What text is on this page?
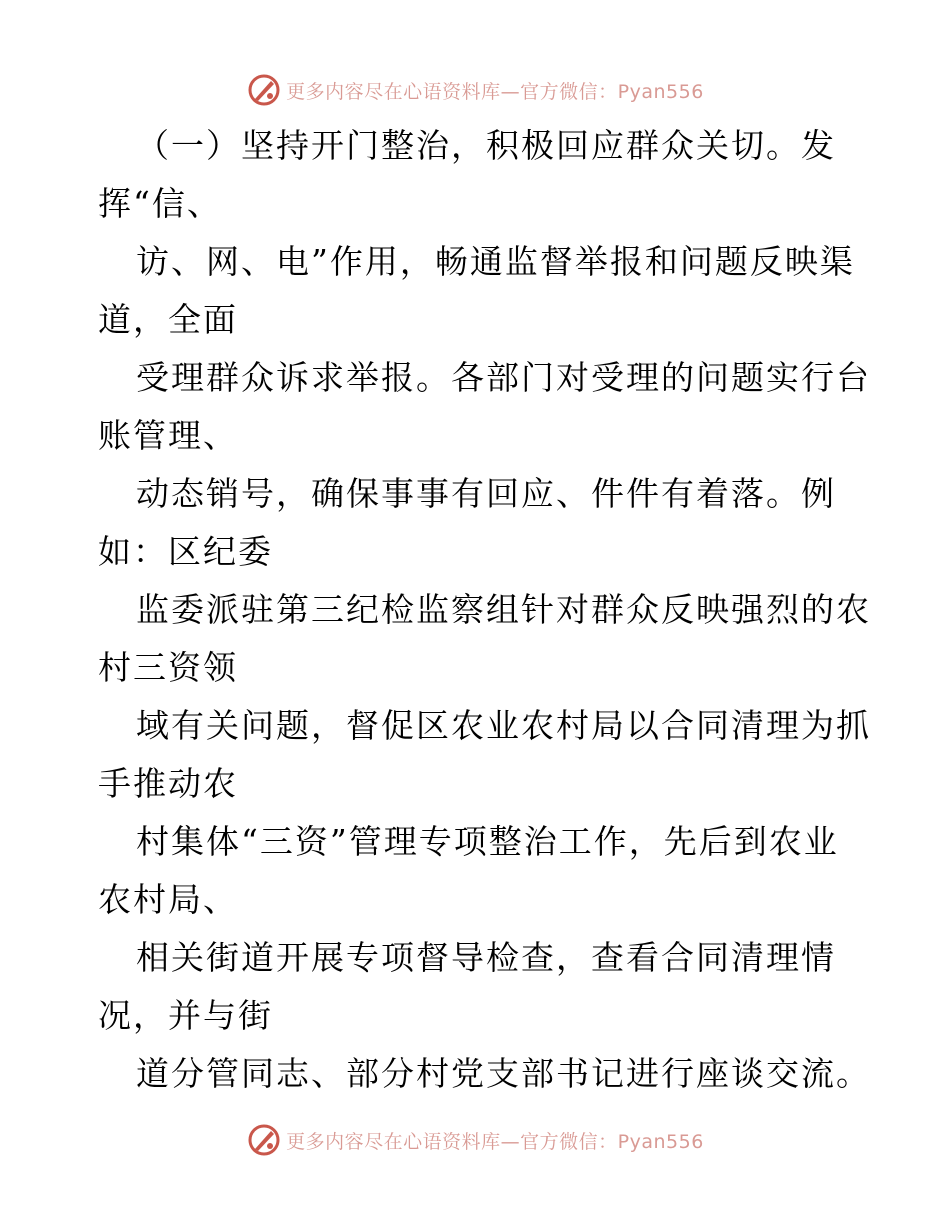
更多内容尽在心语资料库—官方微信：Pyan556
（一）坚持开门整治，积极回应群众关切。发
挥“信、
访、网、电”作用，畅通监督举报和问题反映渠
道，全面
受理群众诉求举报。各部门对受理的问题实行台
账管理、
动态销号，确保事事有回应、件件有着落。例
如：区纪委
监委派驻第三纪检监察组针对群众反映强烈的农
村三资领
域有关问题，督促区农业农村局以合同清理为抓
手推动农
村集体“三资”管理专项整治工作，先后到农业
农村局、
相关街道开展专项督导检查，查看合同清理情
况，并与街
道分管同志、部分村党支部书记进行座谈交流。
更多内容尽在心语资料库—官方微信：Pyan556
